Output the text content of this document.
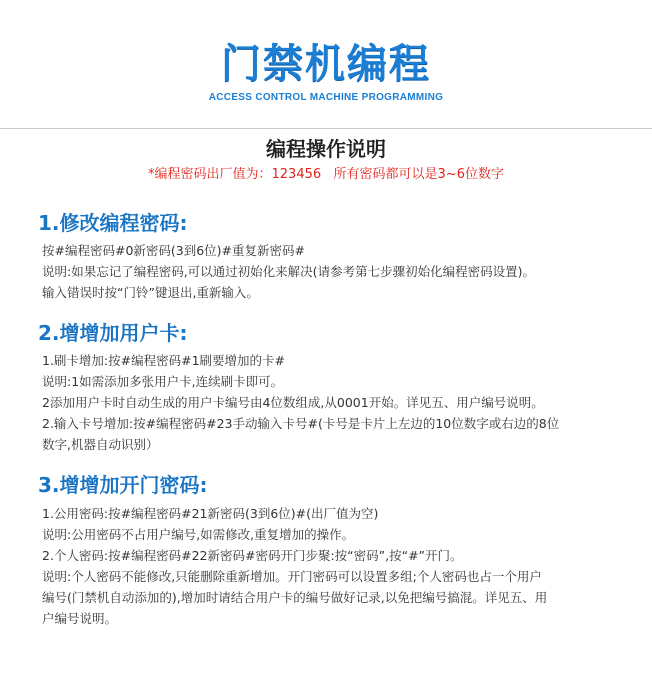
门禁机编程
ACCESS CONTROL MACHINE PROGRAMMING
编程操作说明
*编程密码出厂值为：123456   所有密码都可以是3~6位数字
1.修改编程密码:
按#编程密码#0新密码(3到6位)#重复新密码#
说明:如果忘记了编程密码,可以通过初始化来解决(请参考第七步骤初始化编程密码设置)。
输入错误时按“门铃”键退出,重新输入。
2.增增加用户卡:
1.刷卡增加:按#编程密码#1刷要增加的卡#
说明:1如需添加多张用户卡,连续刷卡即可。
2添加用户卡时自动生成的用户卡编号由4位数组成,从0001开始。详见五、用户编号说明。
2.输入卡号增加:按#编程密码#23手动输入卡号#(卡号是卡片上左边的10位数字或右边的8位
数字,机器自动识别）
3.增增加开门密码:
1.公用密码:按#编程密码#21新密码(3到6位)#(出厂值为空)
说明:公用密码不占用户编号,如需修改,重复增加的操作。
2.个人密码:按#编程密码#22新密码#密码开门步聚:按“密码”,按“#”开门。
说明:个人密码不能修改,只能删除重新增加。开门密码可以设置多组;个人密码也占一个用户
编号(门禁机自动添加的),增加时请结合用户卡的编号做好记录,以免把编号搞混。详见五、用
户编号说明。
